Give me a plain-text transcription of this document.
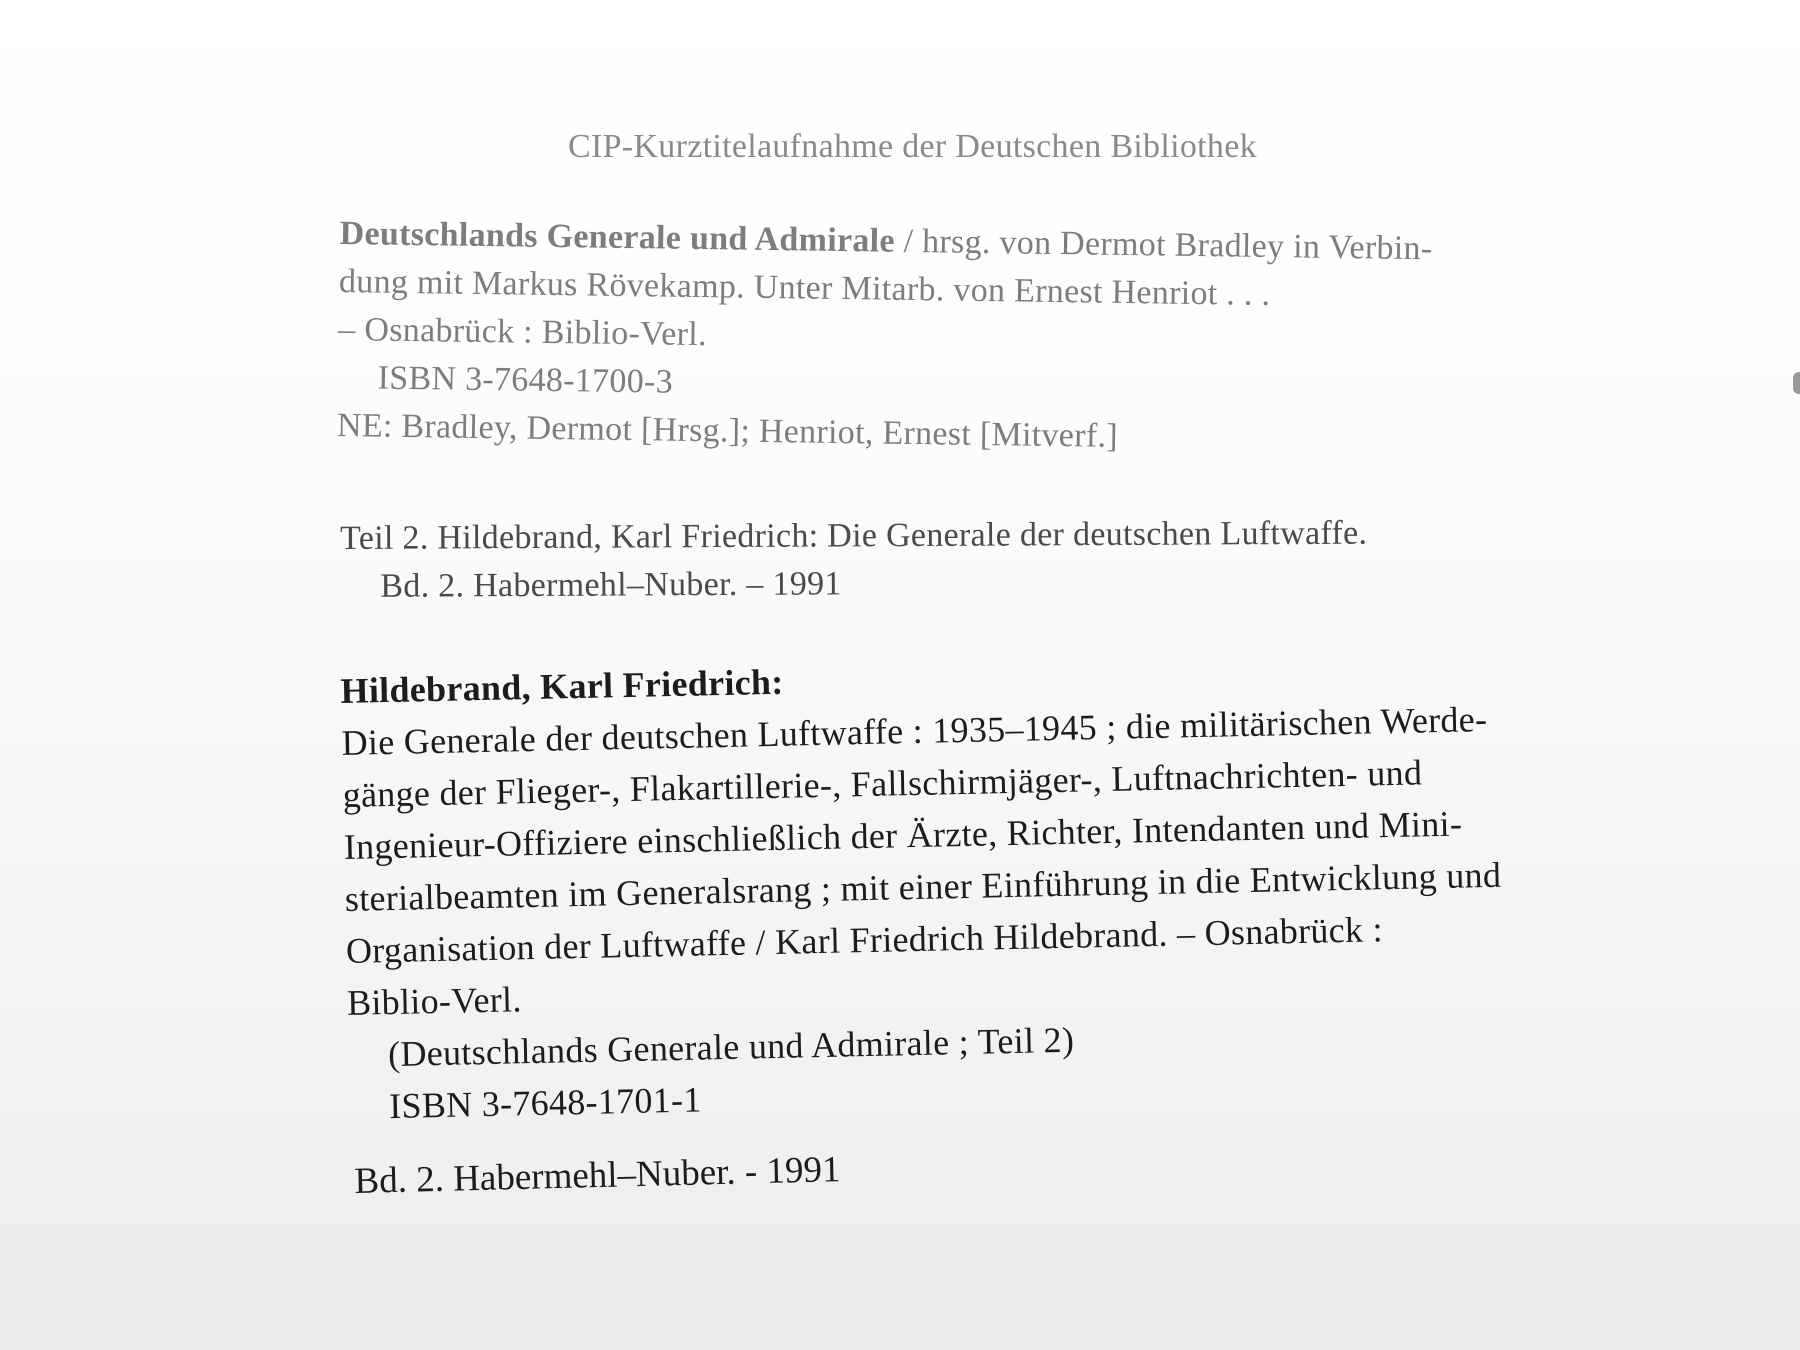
CIP-Kurztitelaufnahme der Deutschen Bibliothek
Deutschlands Generale und Admirale / hrsg. von Dermot Bradley in Verbin-
dung mit Markus Rövekamp. Unter Mitarb. von Ernest Henriot . . .
– Osnabrück : Biblio-Verl.
ISBN 3-7648-1700-3
NE: Bradley, Dermot [Hrsg.]; Henriot, Ernest [Mitverf.]
Teil 2. Hildebrand, Karl Friedrich: Die Generale der deutschen Luftwaffe.
Bd. 2. Habermehl–Nuber. – 1991
Hildebrand, Karl Friedrich:
Die Generale der deutschen Luftwaffe : 1935–1945 ; die militärischen Werde-
gänge der Flieger-, Flakartillerie-, Fallschirmjäger-, Luftnachrichten- und
Ingenieur-Offiziere einschließlich der Ärzte, Richter, Intendanten und Mini-
sterialbeamten im Generalsrang ; mit einer Einführung in die Entwicklung und
Organisation der Luftwaffe / Karl Friedrich Hildebrand. – Osnabrück :
Biblio-Verl.
(Deutschlands Generale und Admirale ; Teil 2)
ISBN 3-7648-1701-1
Bd. 2. Habermehl–Nuber. - 1991
